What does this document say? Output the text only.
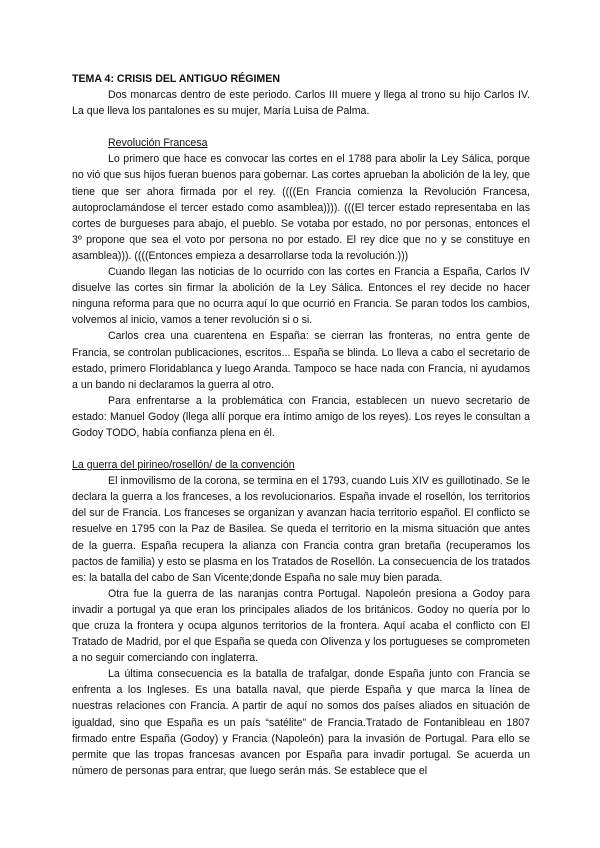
TEMA 4: CRISIS DEL ANTIGUO RÉGIMEN

Dos monarcas dentro de este periodo. Carlos III muere y llega al trono su hijo Carlos IV. La que lleva los pantalones es su mujer, María Luisa de Palma.

Revolución Francesa

Lo primero que hace es convocar las cortes en el 1788 para abolir la Ley Sálica, porque no vió que sus hijos fueran buenos para gobernar. Las cortes aprueban la abolición de la ley, que tiene que ser ahora firmada por el rey. ((((En Francia comienza la Revolución Francesa, autoproclamándose el tercer estado como asamblea)))). (((El tercer estado representaba en las cortes de burgueses para abajo, el pueblo. Se votaba por estado, no por personas, entonces el 3º propone que sea el voto por persona no por estado. El rey dice que no y se constituye en asamblea))). ((((Entonces empieza a desarrollarse toda la revolución.)))

Cuando llegan las noticias de lo ocurrido con las cortes en Francia a España, Carlos IV disuelve las cortes sin firmar la abolición de la Ley Sálica. Entonces el rey decide no hacer ninguna reforma para que no ocurra aquí lo que ocurrió en Francia. Se paran todos los cambios, volvemos al inicio, vamos a tener revolución si o si.

Carlos crea una cuarentena en España: se cierran las fronteras, no entra gente de Francia, se controlan publicaciones, escritos... España se blinda. Lo lleva a cabo el secretario de estado, primero Floridablanca y luego Aranda. Tampoco se hace nada con Francia, ni ayudamos a un bando ni declaramos la guerra al otro.

Para enfrentarse a la problemática con Francia, establecen un nuevo secretario de estado: Manuel Godoy (llega allí porque era íntimo amigo de los reyes). Los reyes le consultan a Godoy TODO, había confianza plena en él.

La guerra del pirineo/rosellón/ de la convención

El inmovilismo de la corona, se termina en el 1793, cuando Luis XIV es guillotinado. Se le declara la guerra a los franceses, a los revolucionarios. España invade el rosellón, los territorios del sur de Francia. Los franceses se organizan y avanzan hacia territorio español. El conflicto se resuelve en 1795 con la Paz de Basilea. Se queda el territorio en la misma situación que antes de la guerra. España recupera la alianza con Francia contra gran bretaña (recuperamos los pactos de familia) y esto se plasma en los Tratados de Rosellón. La consecuencia de los tratados es: la batalla del cabo de San Vicente;donde España no sale muy bien parada.

Otra fue la guerra de las naranjas contra Portugal. Napoleón presiona a Godoy para invadir a portugal ya que eran los principales aliados de los británicos. Godoy no quería por lo que cruza la frontera y ocupa algunos territorios de la frontera. Aquí acaba el conflicto con El Tratado de Madrid, por el que España se queda con Olivenza y los portugueses se comprometen a no seguir comerciando con inglaterra.

La última consecuencia es la batalla de trafalgar, donde España junto con Francia se enfrenta a los Ingleses. Es una batalla naval, que pierde España y que marca la línea de nuestras relaciones con Francia. A partir de aquí no somos dos países aliados en situación de igualdad, sino que España es un país “satélite” de Francia.Tratado de Fontanibleau en 1807 firmado entre España (Godoy) y Francia (Napoleón) para la invasión de Portugal. Para ello se permite que las tropas francesas avancen por España para invadir portugal. Se acuerda un número de personas para entrar, que luego serán más. Se establece que el
